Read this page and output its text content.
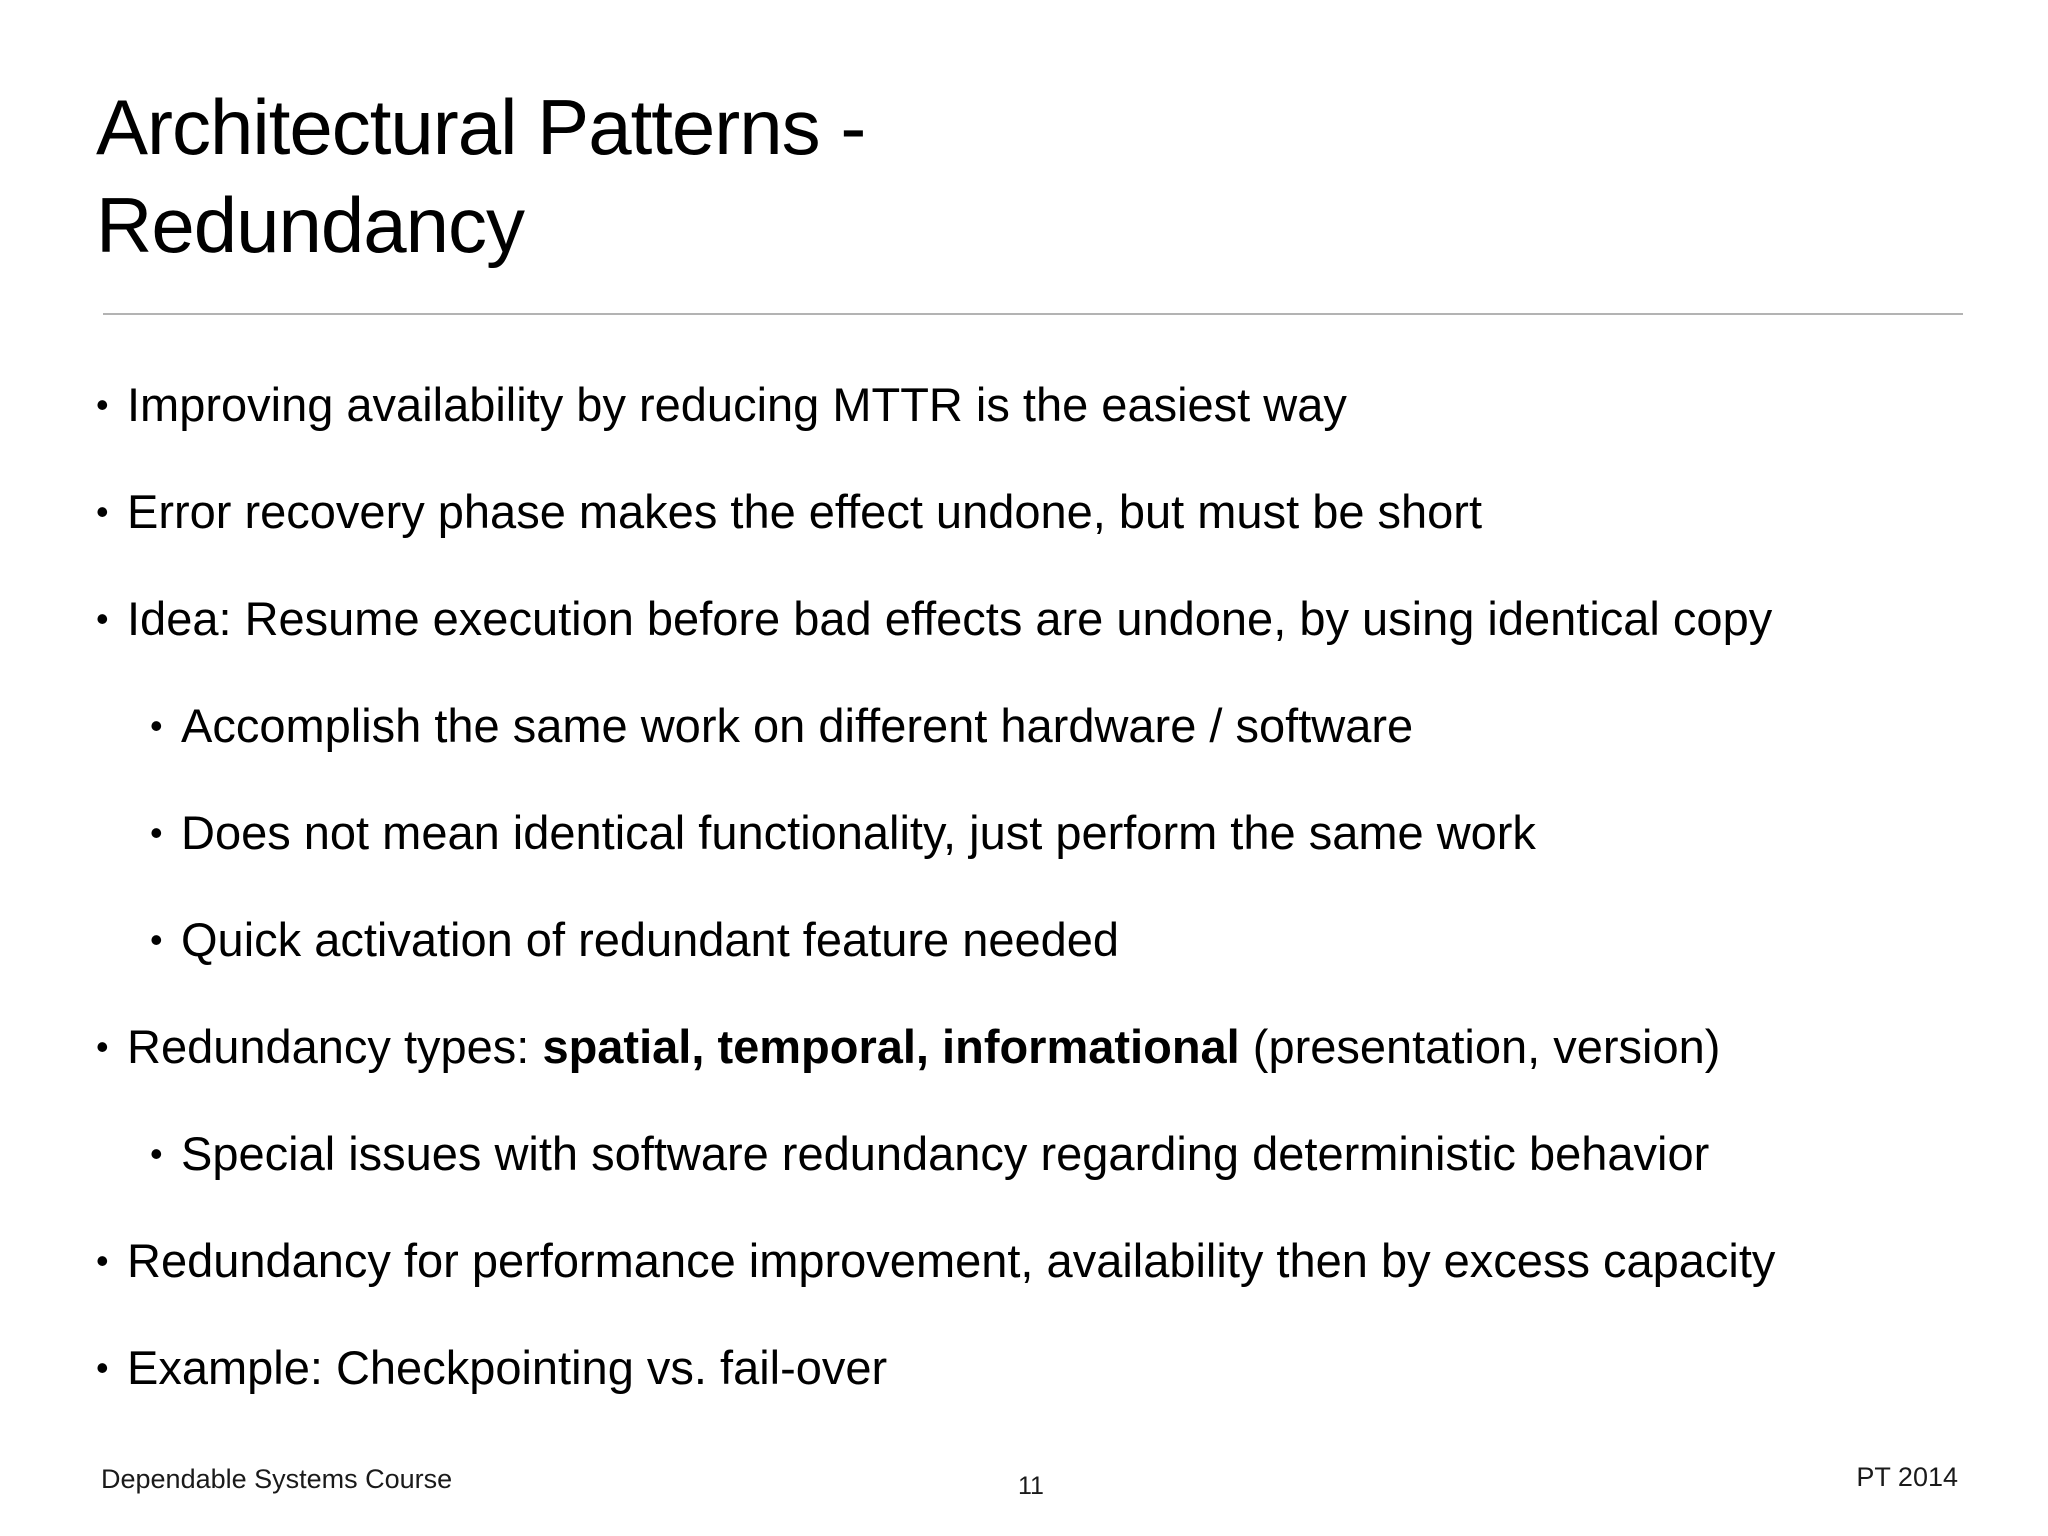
Architectural Patterns -
Redundancy
• Improving availability by reducing MTTR is the easiest way
• Error recovery phase makes the effect undone, but must be short
• Idea: Resume execution before bad effects are undone, by using identical copy
• Accomplish the same work on different hardware / software
• Does not mean identical functionality, just perform the same work
• Quick activation of redundant feature needed
• Redundancy types: spatial, temporal, informational (presentation, version)
• Special issues with software redundancy regarding deterministic behavior
• Redundancy for performance improvement, availability then by excess capacity
• Example: Checkpointing vs. fail-over
Dependable Systems Course	11	PT 2014
